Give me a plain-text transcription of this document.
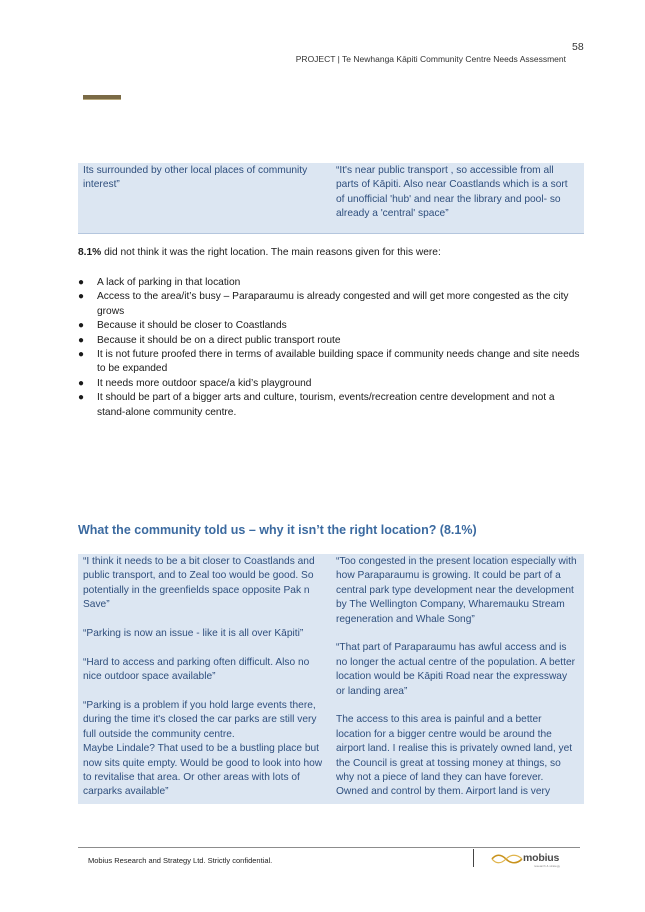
58
PROJECT | Te Newhanga Kāpiti Community Centre Needs Assessment

Its surrounded by other local places of community interest”

“It's near public transport , so accessible from all parts of Kāpiti. Also near Coastlands which is a sort of unofficial 'hub' and near the library and pool- so already a 'central' space”

8.1% did not think it was the right location. The main reasons given for this were:
● A lack of parking in that location
● Access to the area/it’s busy – Paraparaumu is already congested and will get more congested as the city grows
● Because it should be closer to Coastlands
● Because it should be on a direct public transport route
● It is not future proofed there in terms of available building space if community needs change and site needs to be expanded
● It needs more outdoor space/a kid’s playground
● It should be part of a bigger arts and culture, tourism, events/recreation centre development and not a stand-alone community centre.
What the community told us – why it isn’t the right location? (8.1%)

“I think it needs to be a bit closer to Coastlands and public transport, and to Zeal too would be good. So potentially in the greenfields space opposite Pak n Save”

“Parking is now an issue - like it is all over Kāpiti”

“Hard to access and parking often difficult. Also no nice outdoor space available”

“Parking is a problem if you hold large events there, during the time it's closed the car parks are still very full outside the community centre.

Maybe Lindale? That used to be a bustling place but now sits quite empty. Would be good to look into how to revitalise that area. Or other areas with lots of carparks available”

“Too congested in the present location especially with how Paraparaumu is growing. It could be part of a central park type development near the development by The Wellington Company, Wharemauku Stream regeneration and Whale Song”

“That part of Paraparaumu has awful access and is no longer the actual centre of the population. A better location would be Kāpiti Road near the expressway or landing area”

The access to this area is painful and a better location for a bigger centre would be around the airport land. I realise this is privately owned land, yet the Council is great at tossing money at things, so why not a piece of land they can have forever. Owned and control by them. Airport land is very

Mobius Research and Strategy Ltd. Strictly confidential.	mobius
research & strategy
